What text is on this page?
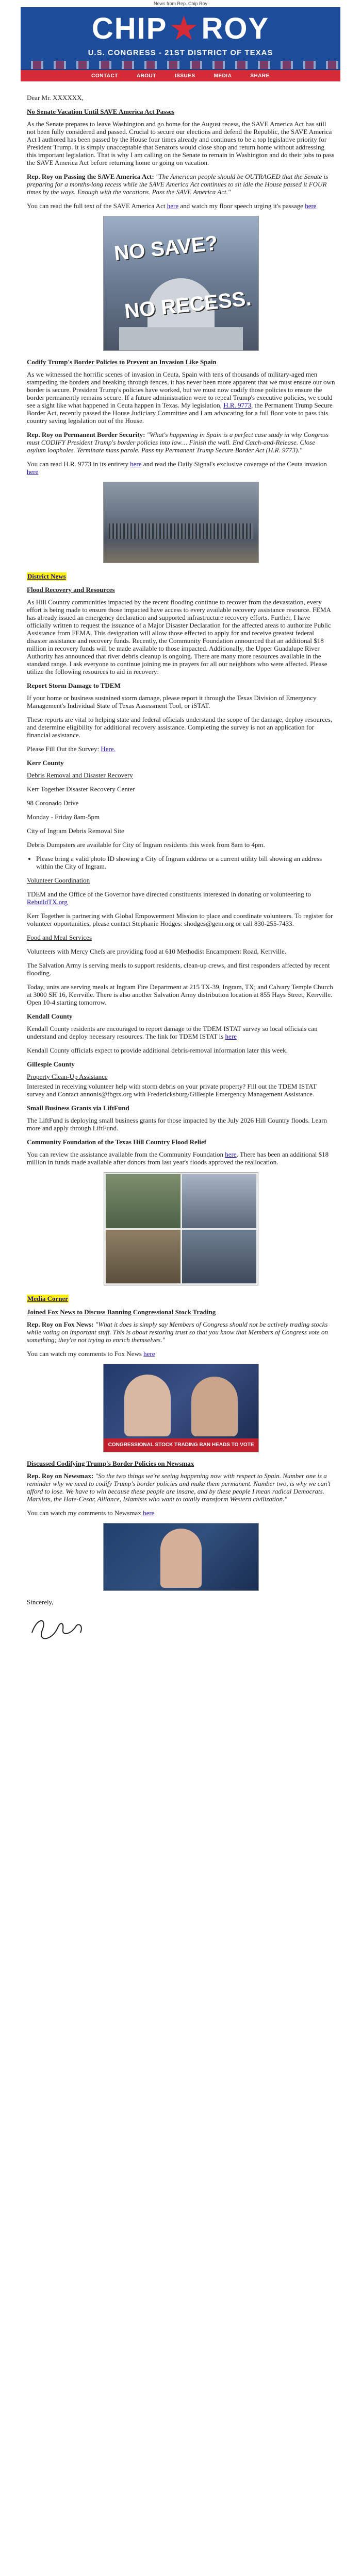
News from Rep. Chip Roy
CHIP ★ ROY
U.S. CONGRESS - 21ST DISTRICT OF TEXAS
CONTACT	ABOUT	ISSUES	MEDIA	SHARE

Dear Mr. XXXXXX,

No Senate Vacation Until SAVE America Act Passes

As the Senate prepares to leave Washington and go home for the August recess, the SAVE America Act has still not been fully considered and passed. Crucial to secure our elections and defend the Republic, the SAVE America Act I authored has been passed by the House four times already and continues to be a top legislative priority for President Trump. It is simply unacceptable that Senators would close shop and return home without addressing this important legislation. That is why I am calling on the Senate to remain in Washington and do their jobs to pass the SAVE America Act before returning home or going on vacation.

Rep. Roy on Passing the SAVE America Act: "The American people should be OUTRAGED that the Senate is preparing for a months-long recess while the SAVE America Act continues to sit idle the House passed it FOUR times by the ways. Enough with the vacations. Pass the SAVE America Act."

You can read the full text of the SAVE America Act here and watch my floor speech urging it's passage here

NO SAVE?
NO RECESS.
Codify Trump's Border Policies to Prevent an Invasion Like Spain

As we witnessed the horrific scenes of invasion in Ceuta, Spain with tens of thousands of military-aged men stampeding the borders and breaking through fences, it has never been more apparent that we must ensure our own border is secure. President Trump's policies have worked, but we must now codify those policies to ensure the border permanently remains secure. If a future administration were to repeal Trump's executive policies, we could see a sight like what happened in Ceuta happen in Texas. My legislation, H.R. 9773, the Permanent Trump Secure Border Act, recently passed the House Judiciary Committee and I am advocating for a full floor vote to pass this country saving legislation out of the House.

Rep. Roy on Permanent Border Security: "What's happening in Spain is a perfect case study in why Congress must CODIFY President Trump's border policies into law… Finish the wall. End Catch-and-Release. Close asylum loopholes. Terminate mass parole. Pass my Permanent Trump Secure Border Act (H.R. 9773)."

You can read H.R. 9773 in its entirety here and read the Daily Signal's exclusive coverage of the Ceuta invasion here

District News
Flood Recovery and Resources

As Hill Country communities impacted by the recent flooding continue to recover from the devastation, every effort is being made to ensure those impacted have access to every available recovery assistance resource. FEMA has already issued an emergency declaration and supported infrastructure recovery efforts. Further, I have officially written to request the issuance of a Major Disaster Declaration for the affected areas to authorize Public Assistance from FEMA. This designation will allow those effected to apply for and receive greatest federal disaster assistance and recovery funds. Recently, the Community Foundation announced that an additional $18 million in recovery funds will be made available to those impacted. Additionally, the Upper Guadalupe River Authority has announced that river debris cleanup is ongoing. There are many more resources available in the standard range. I ask everyone to continue joining me in prayers for all our neighbors who were affected. Please utilize the following resources to aid in recovery:

Report Storm Damage to TDEM

If your home or business sustained storm damage, please report it through the Texas Division of Emergency Management's Individual State of Texas Assessment Tool, or iSTAT.

These reports are vital to helping state and federal officials understand the scope of the damage, deploy resources, and determine eligibility for additional recovery assistance. Completing the survey is not an application for financial assistance.

Please Fill Out the Survey: Here.

Kerr County

Debris Removal and Disaster Recovery

Kerr Together Disaster Recovery Center

98 Coronado Drive

Monday - Friday 8am-5pm

City of Ingram Debris Removal Site

Debris Dumpsters are available for City of Ingram residents this week from 8am to 4pm.

• Please bring a valid photo ID showing a City of Ingram address or a current utility bill showing an address within the City of Ingram.

Volunteer Coordination

TDEM and the Office of the Governor have directed constituents interested in donating or volunteering to RebuildTX.org

Kerr Together is partnering with Global Empowerment Mission to place and coordinate volunteers. To register for volunteer opportunities, please contact Stephanie Hodges: shodges@gem.org or call 830-255-7433.

Food and Meal Services

Volunteers with Mercy Chefs are providing food at 610 Methodist Encampment Road, Kerrville.

The Salvation Army is serving meals to support residents, clean-up crews, and first responders affected by recent flooding.

Today, units are serving meals at Ingram Fire Department at 215 TX-39, Ingram, TX; and Calvary Temple Church at 3000 SH 16, Kerrville. There is also another Salvation Army distribution location at 855 Hays Street, Kerrville. Open 10-4 starting tomorrow.

Kendall County

Kendall County residents are encouraged to report damage to the TDEM ISTAT survey so local officials can understand and deploy necessary resources. The link for TDEM ISTAT is here

Kendall County officials expect to provide additional debris-removal information later this week.

Gillespie County

Property Clean-Up Assistance

Interested in receiving volunteer help with storm debris on your private property? Fill out the TDEM ISTAT survey and Contact annonis@fbgtx.org with Fredericksburg/Gillespie Emergency Management Assistance.

Small Business Grants via LiftFund

The LiftFund is deploying small business grants for those impacted by the July 2026 Hill Country floods. Learn more and apply through LiftFund.

Community Foundation of the Texas Hill Country Flood Relief

You can review the assistance available from the Community Foundation here. There has been an additional $18 million in funds made available after donors from last year's floods approved the reallocation.

Media Corner
Joined Fox News to Discuss Banning Congressional Stock Trading

Rep. Roy on Fox News: "What it does is simply say Members of Congress should not be actively trading stocks while voting on important stuff. This is about restoring trust so that you know that Members of Congress vote on something; they're not trying to enrich themselves."

You can watch my comments to Fox News here

CONGRESSIONAL STOCK TRADING BAN HEADS TO VOTE
Discussed Codifying Trump's Border Policies on Newsmax

Rep. Roy on Newsmax: "So the two things we're seeing happening now with respect to Spain. Number one is a reminder why we need to codify Trump's border policies and make them permanent. Number two, is why we can't afford to lose. We have to win because these people are insane, and by these people I mean radical Democrats. Marxists, the Hate-Cesar, Alliance, Islamists who want to totally transform Western civilization."

You can watch my comments to Newsmax here

Sincerely,
